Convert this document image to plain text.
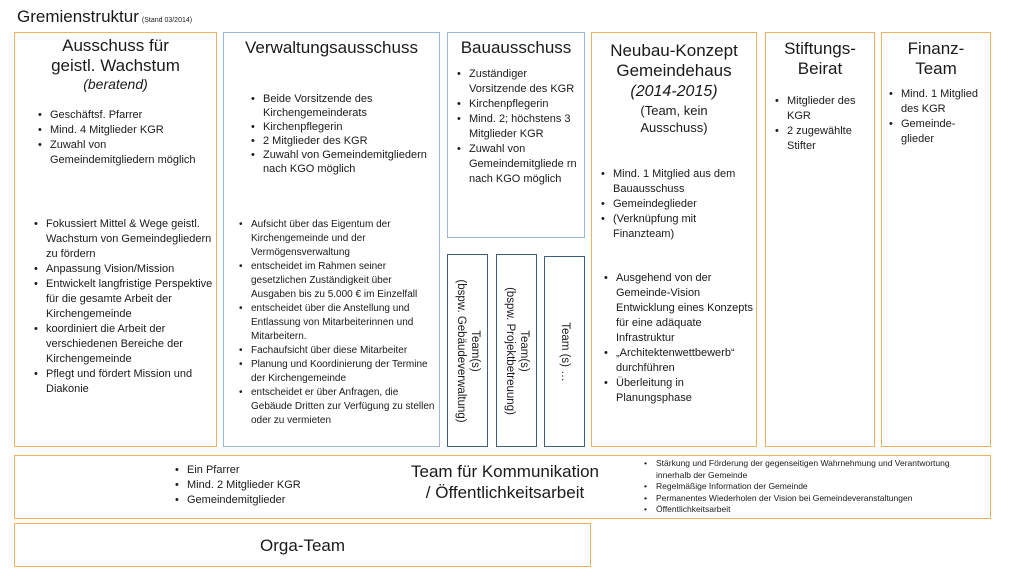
Gremienstruktur (Stand 03/2014)
Ausschuss für
geistl. Wachstum
(beratend)
• Geschäftsf. Pfarrer
• Mind. 4 Mitglieder KGR
• Zuwahl von Gemeindemitgliedern möglich
• Fokussiert Mittel & Wege geistl. Wachstum von Gemeindegliedern zu fördern
• Anpassung Vision/Mission
• Entwickelt langfristige Perspektive für die gesamte Arbeit der Kirchengemeinde
• koordiniert die Arbeit der verschiedenen Bereiche der Kirchengemeinde
• Pflegt und fördert Mission und Diakonie
Verwaltungsausschuss
• Beide Vorsitzende des Kirchengemeinderats
• Kirchenpflegerin
• 2 Mitglieder des KGR
• Zuwahl von Gemeindemitgliedern nach KGO möglich
• Aufsicht über das Eigentum der Kirchengemeinde und der Vermögensverwaltung
• entscheidet im Rahmen seiner gesetzlichen Zuständigkeit über Ausgaben bis zu 5.000 € im Einzelfall
• entscheidet über die Anstellung und Entlassung von Mitarbeiterinnen und Mitarbeitern.
• Fachaufsicht über diese Mitarbeiter
• Planung und Koordinierung der Termine der Kirchengemeinde
• entscheidet er über Anfragen, die Gebäude Dritten zur Verfügung zu stellen oder zu vermieten
Bauausschuss
• Zuständiger Vorsitzende des KGR
• Kirchenpflegerin
• Mind. 2; höchstens 3 Mitglieder KGR
• Zuwahl von Gemeindemitgliede rn nach KGO möglich
Team(s)
(bspw. Gebäudeverwaltung)	Team(s)
(bspw. Projektbetreuung)	Team (s) …
Neubau-Konzept
Gemeindehaus
(2014-2015)
(Team, kein
Ausschuss)
• Mind. 1 Mitglied aus dem Bauausschuss
• Gemeindeglieder
• (Verknüpfung mit Finanzteam)
• Ausgehend von der Gemeinde-Vision Entwicklung eines Konzepts für eine adäquate Infrastruktur
• „Architektenwettbewerb“ durchführen
• Überleitung in Planungsphase
Stiftungs-
Beirat
• Mitglieder des KGR
• 2 zugewählte Stifter
Finanz-
Team
• Mind. 1 Mitglied des KGR
• Gemeinde- glieder
• Ein Pfarrer
• Mind. 2 Mitglieder KGR
• Gemeindemitglieder
Team für Kommunikation
/ Öffentlichkeitsarbeit
• Stärkung und Förderung der gegenseitigen Wahrnehmung und Verantwortung innerhalb der Gemeinde
• Regelmäßige Information der Gemeinde
• Permanentes Wiederholen der Vision bei Gemeindeveranstaltungen
• Öffentlichkeitsarbeit
Orga-Team
